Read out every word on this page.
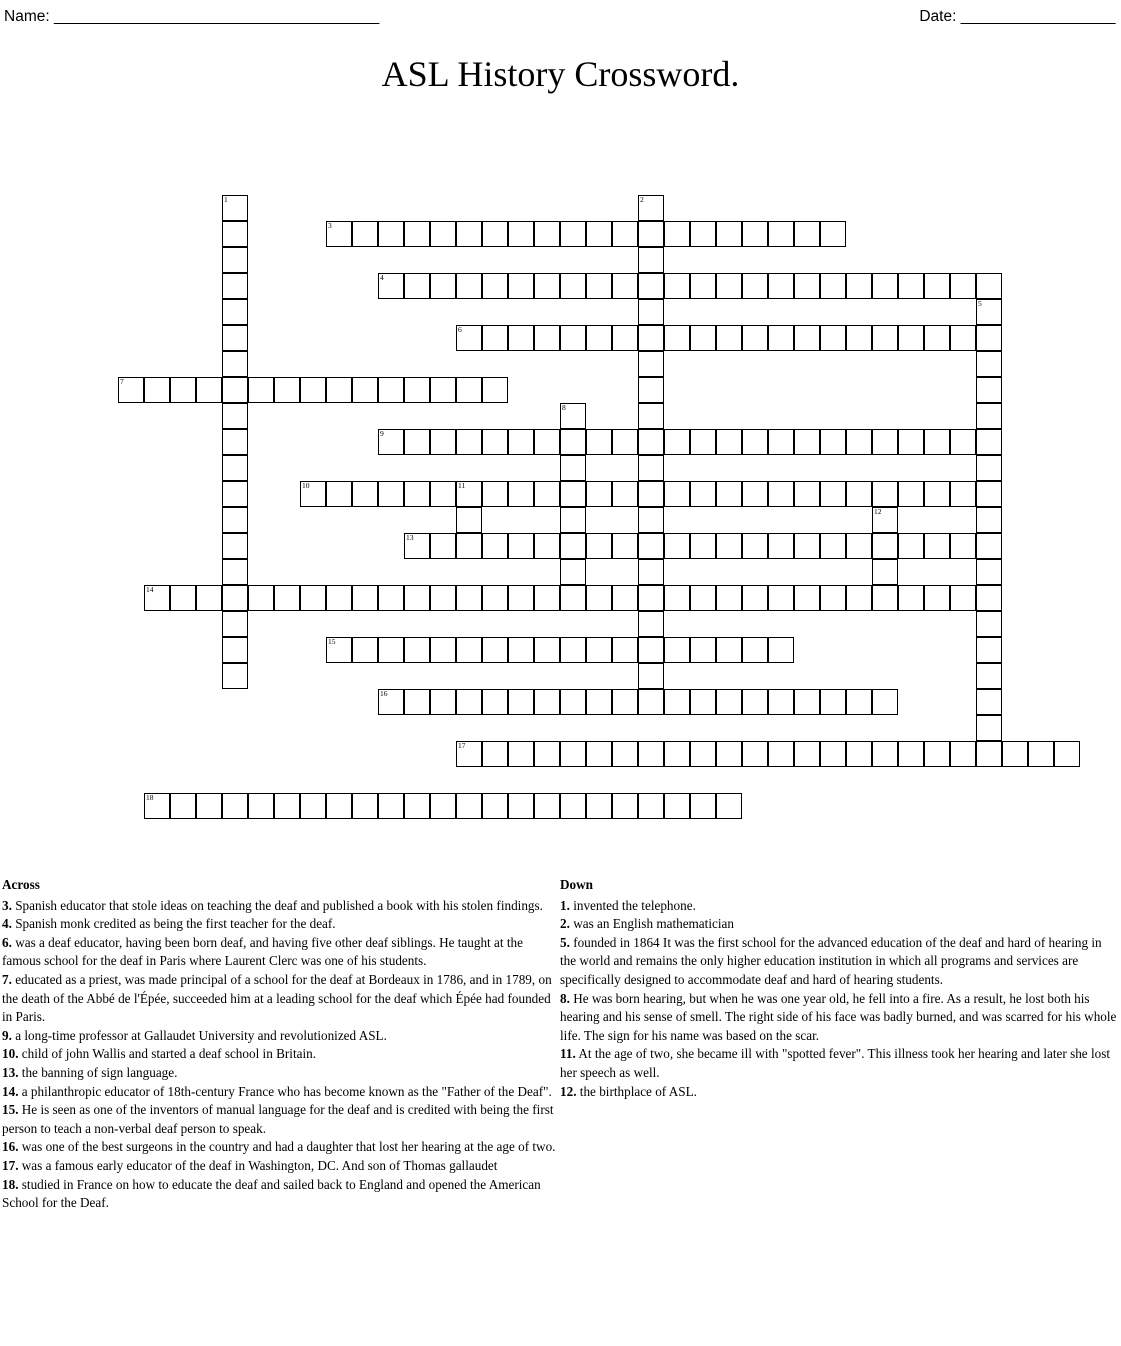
Name: ________________________________________	Date: ___________________
ASL History Crossword.
1	2
3
4
5
6
7
8
9
10	11
12
13
14
15
16
17
18
Across

3. Spanish educator that stole ideas on teaching the deaf and published a book with his stolen findings.

4. Spanish monk credited as being the first teacher for the deaf.

6. was a deaf educator, having been born deaf, and having five other deaf siblings. He taught at the famous school for the deaf in Paris where Laurent Clerc was one of his students.

7. educated as a priest, was made principal of a school for the deaf at Bordeaux in 1786, and in 1789, on the death of the Abbé de l'Épée, succeeded him at a leading school for the deaf which Épée had founded in Paris.

9. a long-time professor at Gallaudet University and revolutionized ASL.

10. child of john Wallis and started a deaf school in Britain.

13. the banning of sign language.

14. a philanthropic educator of 18th-century France who has become known as the "Father of the Deaf".

15. He is seen as one of the inventors of manual language for the deaf and is credited with being the first person to teach a non-verbal deaf person to speak.

16. was one of the best surgeons in the country and had a daughter that lost her hearing at the age of two.

17. was a famous early educator of the deaf in Washington, DC. And son of Thomas gallaudet

18. studied in France on how to educate the deaf and sailed back to England and opened the American School for the Deaf.

Down

1. invented the telephone.

2. was an English mathematician

5. founded in 1864 It was the first school for the advanced education of the deaf and hard of hearing in the world and remains the only higher education institution in which all programs and services are specifically designed to accommodate deaf and hard of hearing students.

8. He was born hearing, but when he was one year old, he fell into a fire. As a result, he lost both his hearing and his sense of smell. The right side of his face was badly burned, and was scarred for his whole life. The sign for his name was based on the scar.

11. At the age of two, she became ill with "spotted fever". This illness took her hearing and later she lost her speech as well.

12. the birthplace of ASL.
